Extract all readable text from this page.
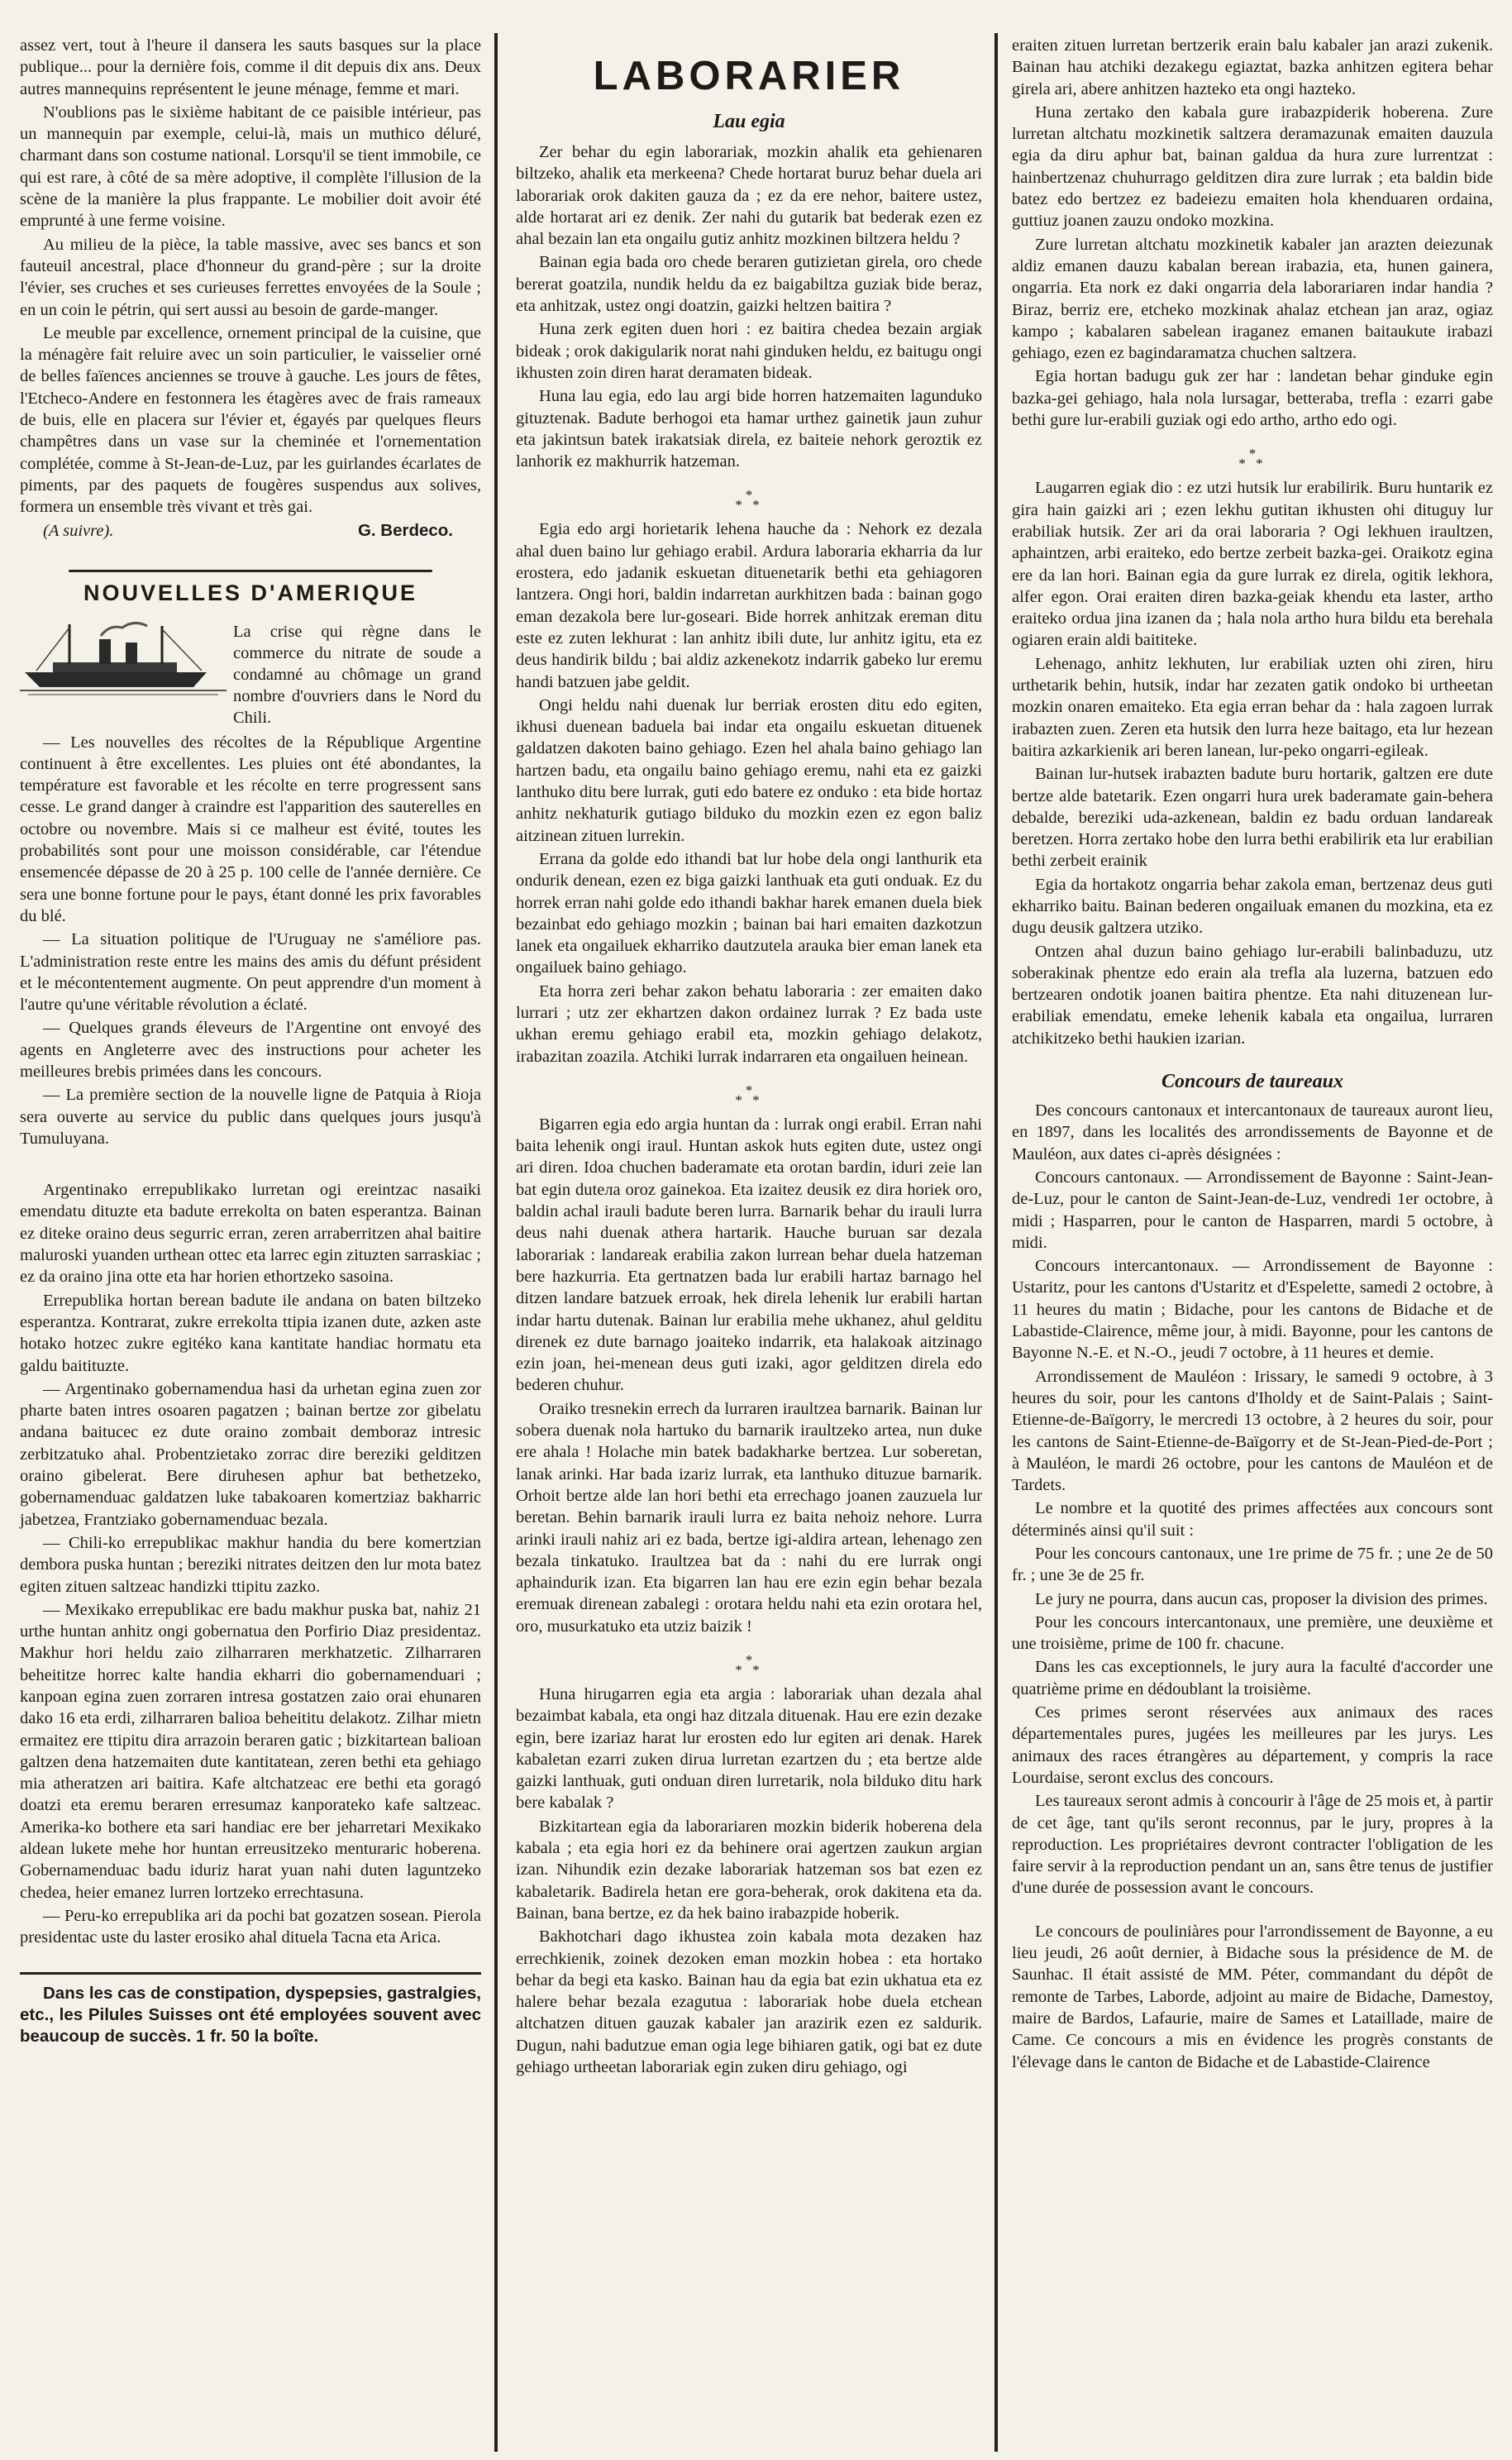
assez vert, tout à l'heure il dansera les sauts basques sur la place publique... pour la dernière fois, comme il dit depuis dix ans. Deux autres mannequins représentent le jeune ménage, femme et mari.

N'oublions pas le sixième habitant de ce paisible intérieur, pas un mannequin par exemple, celui-là, mais un muthico déluré, charmant dans son costume national. Lorsqu'il se tient immobile, ce qui est rare, à côté de sa mère adoptive, il complète l'illusion de la scène de la manière la plus frappante. Le mobilier doit avoir été emprunté à une ferme voisine.

Au milieu de la pièce, la table massive, avec ses bancs et son fauteuil ancestral, place d'honneur du grand-père ; sur la droite l'évier, ses cruches et ses curieuses ferrettes envoyées de la Soule ; en un coin le pétrin, qui sert aussi au besoin de garde-manger.

Le meuble par excellence, ornement principal de la cuisine, que la ménagère fait reluire avec un soin particulier, le vaisselier orné de belles faïences anciennes se trouve à gauche. Les jours de fêtes, l'Etcheco-Andere en festonnera les étagères avec de frais rameaux de buis, elle en placera sur l'évier et, égayés par quelques fleurs champêtres dans un vase sur la cheminée et l'ornementation complétée, comme à St-Jean-de-Luz, par les guirlandes écarlates de piments, par des paquets de fougères suspendus aux solives, formera un ensemble très vivant et très gai.

(A suivre).	G. Berdeco.
NOUVELLES D'AMERIQUE
La crise qui règne dans le commerce du nitrate de soude a condamné au chômage un grand nombre d'ouvriers dans le Nord du Chili.

— Les nouvelles des récoltes de la République Argentine continuent à être excellentes. Les pluies ont été abondantes, la température est favorable et les récolte en terre progressent sans cesse. Le grand danger à craindre est l'apparition des sauterelles en octobre ou novembre. Mais si ce malheur est évité, toutes les probabilités sont pour une moisson considérable, car l'étendue ensemencée dépasse de 20 à 25 p. 100 celle de l'année dernière. Ce sera une bonne fortune pour le pays, étant donné les prix favorables du blé.

— La situation politique de l'Uruguay ne s'améliore pas. L'administration reste entre les mains des amis du défunt président et le mécontentement augmente. On peut apprendre d'un moment à l'autre qu'une véritable révolution a éclaté.

— Quelques grands éleveurs de l'Argentine ont envoyé des agents en Angleterre avec des instructions pour acheter les meilleures brebis primées dans les concours.

— La première section de la nouvelle ligne de Patquia à Rioja sera ouverte au service du public dans quelques jours jusqu'à Tumuluyana.

Argentinako errepublikako lurretan ogi ereintzac nasaiki emendatu dituzte eta badute errekolta on baten esperantza. Bainan ez diteke oraino deus segurric erran, zeren arraberritzen ahal baitire maluroski yuanden urthean ottec eta larrec egin zituzten sarraskiac ; ez da oraino jina otte eta har horien ethortzeko sasoina.

Errepublika hortan berean badute ile andana on baten biltzeko esperantza. Kontrarat, zukre errekolta ttipia izanen dute, azken aste hotako hotzec zukre egitéko kana kantitate handiac hormatu eta galdu baitituzte.

— Argentinako gobernamendua hasi da urhetan egina zuen zor pharte baten intres osoaren pagatzen ; bainan bertze zor gibelatu andana baitucec ez dute oraino zombait demboraz intresic zerbitzatuko ahal. Probentzietako zorrac dire bereziki gelditzen oraino gibelerat. Bere diruhesen aphur bat bethetzeko, gobernamenduac galdatzen luke tabakoaren komertziaz bakharric jabetzea, Frantziako gobernamenduac bezala.

— Chili-ko errepublikac makhur handia du bere komertzian dembora puska huntan ; bereziki nitrates deitzen den lur mota batez egiten zituen saltzeac handizki ttipitu zazko.

— Mexikako errepublikac ere badu makhur puska bat, nahiz 21 urthe huntan anhitz ongi gobernatua den Porfirio Diaz presidentaz. Makhur hori heldu zaio zilharraren merkhatzetic. Zilharraren beheititze horrec kalte handia ekharri dio gobernamenduari ; kanpoan egina zuen zorraren intresa gostatzen zaio orai ehunaren dako 16 eta erdi, zilharraren balioa beheititu delakotz. Zilhar mietn ermaitez ere ttipitu dira arrazoin beraren gatic ; bizkitartean balioan galtzen dena hatzemaiten dute kantitatean, zeren bethi eta gehiago mia atheratzen ari baitira. Kafe altchatzeac ere bethi eta goragó doatzi eta eremu beraren erresumaz kanporateko kafe saltzeac. Amerika-ko bothere eta sari handiac ere ber jeharretari Mexikako aldean lukete mehe hor huntan erreusitzeko menturaric hoberena. Gobernamenduac badu iduriz harat yuan nahi duten laguntzeko chedea, heier emanez lurren lortzeko errechtasuna.

— Peru-ko errepublika ari da pochi bat gozatzen sosean. Pierola presidentac uste du laster erosiko ahal dituela Tacna eta Arica.

Dans les cas de constipation, dyspepsies, gastralgies, etc., les Pilules Suisses ont été employées souvent avec beaucoup de succès. 1 fr. 50 la boîte.

LABORARIER
Lau egia

Zer behar du egin laborariak, mozkin ahalik eta gehienaren biltzeko, ahalik eta merkeena? Chede hortarat buruz behar duela ari laborariak orok dakiten gauza da ; ez da ere nehor, baitere ustez, alde hortarat ari ez denik. Zer nahi du gutarik bat bederak ezen ez ahal bezain lan eta ongailu gutiz anhitz mozkinen biltzera heldu ?

Bainan egia bada oro chede beraren gutizietan girela, oro chede bererat goatzila, nundik heldu da ez baigabiltza guziak bide beraz, eta anhitzak, ustez ongi doatzin, gaizki heltzen baitira ?

Huna zerk egiten duen hori : ez baitira chedea bezain argiak bideak ; orok dakigularik norat nahi ginduken heldu, ez baitugu ongi ikhusten zoin diren harat deramaten bideak.

Huna lau egia, edo lau argi bide horren hatzemaiten lagunduko gituztenak. Badute berhogoi eta hamar urthez gainetik jaun zuhur eta jakintsun batek irakatsiak direla, ez baiteie nehork geroztik ez lanhorik ez makhurrik hatzeman.

*
* *

Egia edo argi horietarik lehena hauche da : Nehork ez dezala ahal duen baino lur gehiago erabil. Ardura laboraria ekharria da lur erostera, edo jadanik eskuetan dituenetarik bethi eta gehiagoren lantzera. Ongi hori, baldin indarretan aurkhitzen bada : bainan gogo eman dezakola bere lur-goseari. Bide horrek anhitzak ereman ditu este ez zuten lekhurat : lan anhitz ibili dute, lur anhitz igitu, eta ez deus handirik bildu ; bai aldiz azkenekotz indarrik gabeko lur eremu handi batzuen jabe geldit.

Ongi heldu nahi duenak lur berriak erosten ditu edo egiten, ikhusi duenean baduela bai indar eta ongailu eskuetan dituenek galdatzen dakoten baino gehiago. Ezen hel ahala baino gehiago lan hartzen badu, eta ongailu baino gehiago eremu, nahi eta ez gaizki lanthuko ditu bere lurrak, guti edo batere ez onduko : eta bide hortaz anhitz nekhaturik gutiago bilduko du mozkin ezen ez egon baliz aitzinean zituen lurrekin.

Errana da golde edo ithandi bat lur hobe dela ongi lanthurik eta ondurik denean, ezen ez biga gaizki lanthuak eta guti onduak. Ez du horrek erran nahi golde edo ithandi bakhar harek emanen duela biek bezainbat edo gehiago mozkin ; bainan bai hari emaiten dazkotzun lanek eta ongailuek ekharriko dautzutela arauka bier eman lanek eta ongailuek baino gehiago.

Eta horra zeri behar zakon behatu laboraria : zer emaiten dako lurrari ; utz zer ekhartzen dakon ordainez lurrak ? Ez bada uste ukhan eremu gehiago erabil eta, mozkin gehiago delakotz, irabazitan zoazila. Atchiki lurrak indarraren eta ongailuen heinean.

*
* *

Bigarren egia edo argia huntan da : lurrak ongi erabil. Erran nahi baita lehenik ongi iraul. Huntan askok huts egiten dute, ustez ongi ari diren. Idoa chuchen baderamate eta orotan bardin, iduri zeie lan bat egin duteла oroz gainekoa. Eta izaitez deusik ez dira horiek oro, baldin achal irauli badute beren lurra. Barnarik behar du irauli lurra deus nahi duenak athera hartarik. Hauche buruan sar dezala laborariak : landareak erabilia zakon lurrean behar duela hatzeman bere hazkurria. Eta gertnatzen bada lur erabili hartaz barnago hel ditzen landare batzuek erroak, hek direla lehenik lur erabili hartan indar hartu dutenak. Bainan lur erabilia mehe ukhanez, ahul gelditu direnek ez dute barnago joaiteko indarrik, eta halakoak aitzinago ezin joan, hei-menean deus guti izaki, agor gelditzen direla edo bederen chuhur.

Oraiko tresnekin errech da lurraren iraultzea barnarik. Bainan lur sobera duenak nola hartuko du barnarik iraultzeko artea, nun duke ere ahala ! Holache min batek badakharke bertzea. Lur soberetan, lanak arinki. Har bada izariz lurrak, eta lanthuko dituzue barnarik. Orhoit bertze alde lan hori bethi eta errechago joanen zauzuela lur beretan. Behin barnarik irauli lurra ez baita nehoiz nehore. Lurra arinki irauli nahiz ari ez bada, bertze igi-aldira artean, lehenago zen bezala tinkatuko. Iraultzea bat da : nahi du ere lurrak ongi aphaindurik izan. Eta bigarren lan hau ere ezin egin behar bezala eremuak direnean zabalegi : orotara heldu nahi eta ezin orotara hel, oro, musurkatuko eta utziz baizik !

*
* *

Huna hirugarren egia eta argia : laborariak uhan dezala ahal bezaimbat kabala, eta ongi haz ditzala dituenak. Hau ere ezin dezake egin, bere izariaz harat lur erosten edo lur egiten ari denak. Harek kabaletan ezarri zuken diruа lurretan ezartzen du ; eta bertze alde gaizki lanthuak, guti onduan diren lurretarik, nola bilduko ditu hark bere kabalak ?

Bizkitartean egia da laborariaren mozkin biderik hoberena dela kabala ; eta egia hori ez da behinere orai agertzen zaukun argian izan. Nihundik ezin dezake laborariak hatzeman sos bat ezen ez kabaletarik. Badirela hetan ere gora-beherak, orok dakitena eta da. Bainan, bana bertze, ez da hek baino irabazpide hoberik.

Bakhotchari dago ikhustea zoin kabala mota dezaken haz errechkienik, zoinek dezoken eman mozkin hobea : eta hortako behar da begi eta kasko. Bainan hau da egia bat ezin ukhatua eta ez halere behar bezala ezagutua : laborariak hobe duela etchean altchatzen dituen gauzak kabaler jan arazirik ezen ez saldurik. Dugun, nahi badutzue eman ogia lege bihiaren gatik, ogi bat ez dute gehiago urtheetan laborariak egin zuken diru gehiago, ogi

eraiten zituen lurretan bertzerik erain balu kabaler jan arazi zukenik. Bainan hau atchiki dezakegu egiaztat, bazka anhitzen egitera behar girela ari, abere anhitzen hazteko eta ongi hazteko.

Huna zertako den kabala gure irabazpiderik hoberena. Zure lurretan altchatu mozkinetik saltzera deramazunak emaiten dauzula egia da diru aphur bat, bainan galdua da hura zure lurrentzat : hainbertzenaz chuhurrago gelditzen dira zure lurrak ; eta baldin bide batez edo bertzez ez badeiezu emaiten hola khenduaren ordaina, guttiuz joanen zauzu ondoko mozkina.

Zure lurretan altchatu mozkinetik kabaler jan arazten deiezunak aldiz emanen dauzu kabalan berean irabazia, eta, hunen gainera, ongarria. Eta nork ez daki ongarria dela laborariaren indar handia ? Biraz, berriz ere, etcheko mozkinak ahalaz etchean jan araz, ogiaz kampo ; kabalaren sabelean iraganez emanen baitaukute irabazi gehiago, ezen ez bagindaramatza chuchen saltzera.

Egia hortan badugu guk zer har : landetan behar ginduke egin bazka-gei gehiago, hala nola lursagar, betteraba, trefla : ezarri gabe bethi gure lur-erabili guziak ogi edo artho, artho edo ogi.

*
* *

Laugarren egiak dio : ez utzi hutsik lur erabilirik. Buru huntarik ez gira hain gaizki ari ; ezen lekhu gutitan ikhusten ohi dituguy lur erabiliak hutsik. Zer ari da orai laboraria ? Ogi lekhuen iraultzen, aphaintzen, arbi eraiteko, edo bertze zerbeit bazka-gei. Oraikotz egina ere da lan hori. Bainan egia da gure lurrak ez direla, ogitik lekhora, alfer egon. Orai eraiten diren bazka-geiak khendu eta laster, artho eraiteko ordua jina izanen da ; hala nola artho hura bildu eta berehala ogiaren erain aldi baititeke.

Lehenago, anhitz lekhuten, lur erabiliak uzten ohi ziren, hiru urthetarik behin, hutsik, indar har zezaten gatik ondoko bi urtheetan mozkin onaren emaiteko. Eta egia erran behar da : hala zagoen lurrak irabazten zuen. Zeren eta hutsik den lurra heze baitago, eta lur hezean baitira azkarkienik ari beren lanean, lur-peko ongarri-egileak.

Bainan lur-hutsek irabazten badute buru hortarik, galtzen ere dute bertze alde batetarik. Ezen ongarri hura urek baderamate gain-behera debalde, bereziki uda-azkenean, baldin ez badu orduan landareak beretzen. Horra zertako hobe den lurra bethi erabilirik eta lur erabilian bethi zerbeit erainik

Egia da hortakotz ongarria behar zakola eman, bertzenaz deus guti ekharriko baitu. Bainan bederen ongailuak emanen du mozkina, eta ez dugu deusik galtzera utziko.

Ontzen ahal duzun baino gehiago lur-erabili balinbaduzu, utz soberakinak phentze edo erain ala trefla ala luzerna, batzuen edo bertzearen ondotik joanen baitira phentze. Eta nahi dituzenean lur-erabiliak emendatu, emeke lehenik kabala eta ongailua, lurraren atchikitzeko bethi haukien izarian.

Concours de taureaux

Des concours cantonaux et intercantonaux de taureaux auront lieu, en 1897, dans les localités des arrondissements de Bayonne et de Mauléon, aux dates ci-après désignées :

Concours cantonaux. — Arrondissement de Bayonne : Saint-Jean-de-Luz, pour le canton de Saint-Jean-de-Luz, vendredi 1er octobre, à midi ; Hasparren, pour le canton de Hasparren, mardi 5 octobre, à midi.

Concours intercantonaux. — Arrondissement de Bayonne : Ustaritz, pour les cantons d'Ustaritz et d'Espelette, samedi 2 octobre, à 11 heures du matin ; Bidache, pour les cantons de Bidache et de Labastide-Clairence, même jour, à midi. Bayonne, pour les cantons de Bayonne N.-E. et N.-O., jeudi 7 octobre, à 11 heures et demie.

Arrondissement de Mauléon : Irissary, le samedi 9 octobre, à 3 heures du soir, pour les cantons d'Iholdy et de Saint-Palais ; Saint-Etienne-de-Baïgorry, le mercredi 13 octobre, à 2 heures du soir, pour les cantons de Saint-Etienne-de-Baïgorry et de St-Jean-Pied-de-Port ; à Mauléon, le mardi 26 octobre, pour les cantons de Mauléon et de Tardets.

Le nombre et la quotité des primes affectées aux concours sont déterminés ainsi qu'il suit :

Pour les concours cantonaux, une 1re prime de 75 fr. ; une 2e de 50 fr. ; une 3e de 25 fr.

Le jury ne pourra, dans aucun cas, proposer la division des primes.

Pour les concours intercantonaux, une première, une deuxième et une troisième, prime de 100 fr. chacune.

Dans les cas exceptionnels, le jury aura la faculté d'accorder une quatrième prime en dédoublant la troisième.

Ces primes seront réservées aux animaux des races départementales pures, jugées les meilleures par les jurys. Les animaux des races étrangères au département, y compris la race Lourdaise, seront exclus des concours.

Les taureaux seront admis à concourir à l'âge de 25 mois et, à partir de cet âge, tant qu'ils seront reconnus, par le jury, propres à la reproduction. Les propriétaires devront contracter l'obligation de les faire servir à la reproduction pendant un an, sans être tenus de justifier d'une durée de possession avant le concours.

Le concours de pouliniàres pour l'arrondissement de Bayonne, a eu lieu jeudi, 26 août dernier, à Bidache sous la présidence de M. de Saunhac. Il était assisté de MM. Péter, commandant du dépôt de remonte de Tarbes, Laborde, adjoint au maire de Bidache, Damestoy, maire de Bardos, Lafaurie, maire de Sames et Lataillade, maire de Came. Ce concours a mis en évidence les progrès constants de l'élevage dans le canton de Bidache et de Labastide-Clairence
